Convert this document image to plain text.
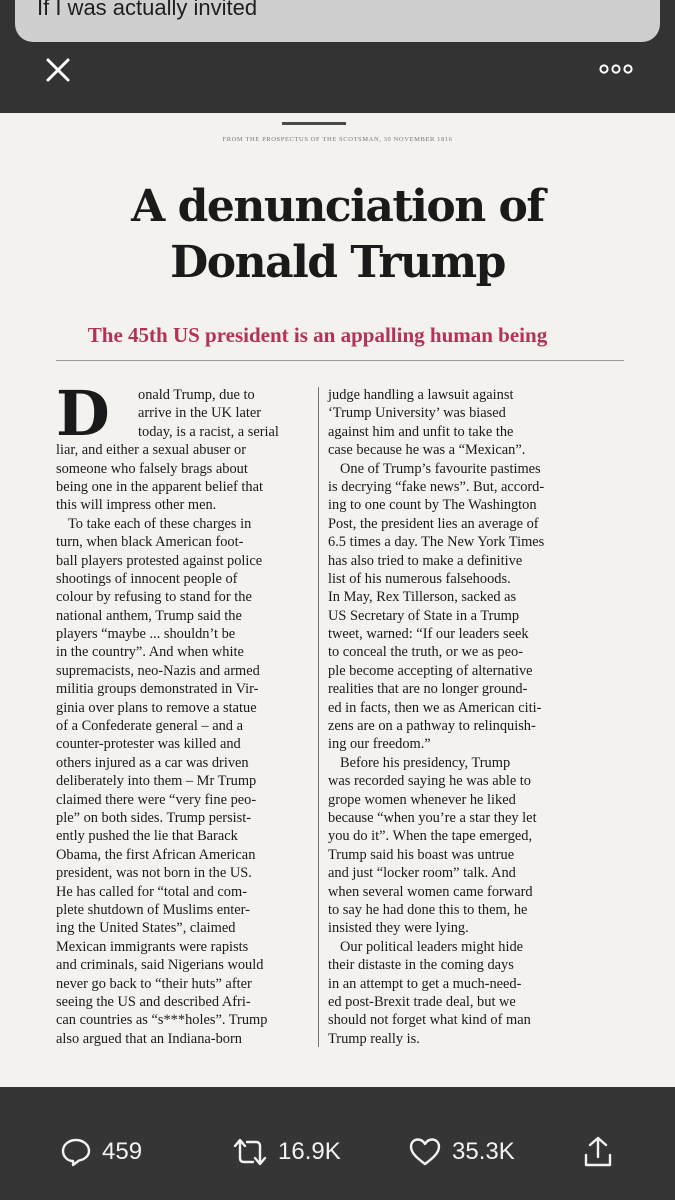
If I was actually invited
FROM THE PROSPECTUS OF THE SCOTSMAN, 30 NOVEMBER 1816
A denunciation of
Donald Trump
The 45th US president is an appalling human being
D	onald Trump, due to
arrive in the UK later
today, is a racist, a serial
liar, and either a sexual abuser or
someone who falsely brags about
being one in the apparent belief that
this will impress other men.
To take each of these charges in
turn, when black American foot-
ball players protested against police
shootings of innocent people of
colour by refusing to stand for the
national anthem, Trump said the
players “maybe ... shouldn’t be
in the country”. And when white
supremacists, neo-Nazis and armed
militia groups demonstrated in Vir-
ginia over plans to remove a statue
of a Confederate general – and a
counter-protester was killed and
others injured as a car was driven
deliberately into them – Mr Trump
claimed there were “very fine peo-
ple” on both sides. Trump persist-
ently pushed the lie that Barack
Obama, the first African American
president, was not born in the US.
He has called for “total and com-
plete shutdown of Muslims enter-
ing the United States”, claimed
Mexican immigrants were rapists
and criminals, said Nigerians would
never go back to “their huts” after
seeing the US and described Afri-
can countries as “s***holes”. Trump
also argued that an Indiana-born
judge handling a lawsuit against
‘Trump University’ was biased
against him and unfit to take the
case because he was a “Mexican”.
One of Trump’s favourite pastimes
is decrying “fake news”. But, accord-
ing to one count by The Washington
Post, the president lies an average of
6.5 times a day. The New York Times
has also tried to make a definitive
list of his numerous falsehoods.
In May, Rex Tillerson, sacked as
US Secretary of State in a Trump
tweet, warned: “If our leaders seek
to conceal the truth, or we as peo-
ple become accepting of alternative
realities that are no longer ground-
ed in facts, then we as American citi-
zens are on a pathway to relinquish-
ing our freedom.”
Before his presidency, Trump
was recorded saying he was able to
grope women whenever he liked
because “when you’re a star they let
you do it”. When the tape emerged,
Trump said his boast was untrue
and just “locker room” talk. And
when several women came forward
to say he had done this to them, he
insisted they were lying.
Our political leaders might hide
their distaste in the coming days
in an attempt to get a much-need-
ed post-Brexit trade deal, but we
should not forget what kind of man
Trump really is.
459	16.9K	35.3K
